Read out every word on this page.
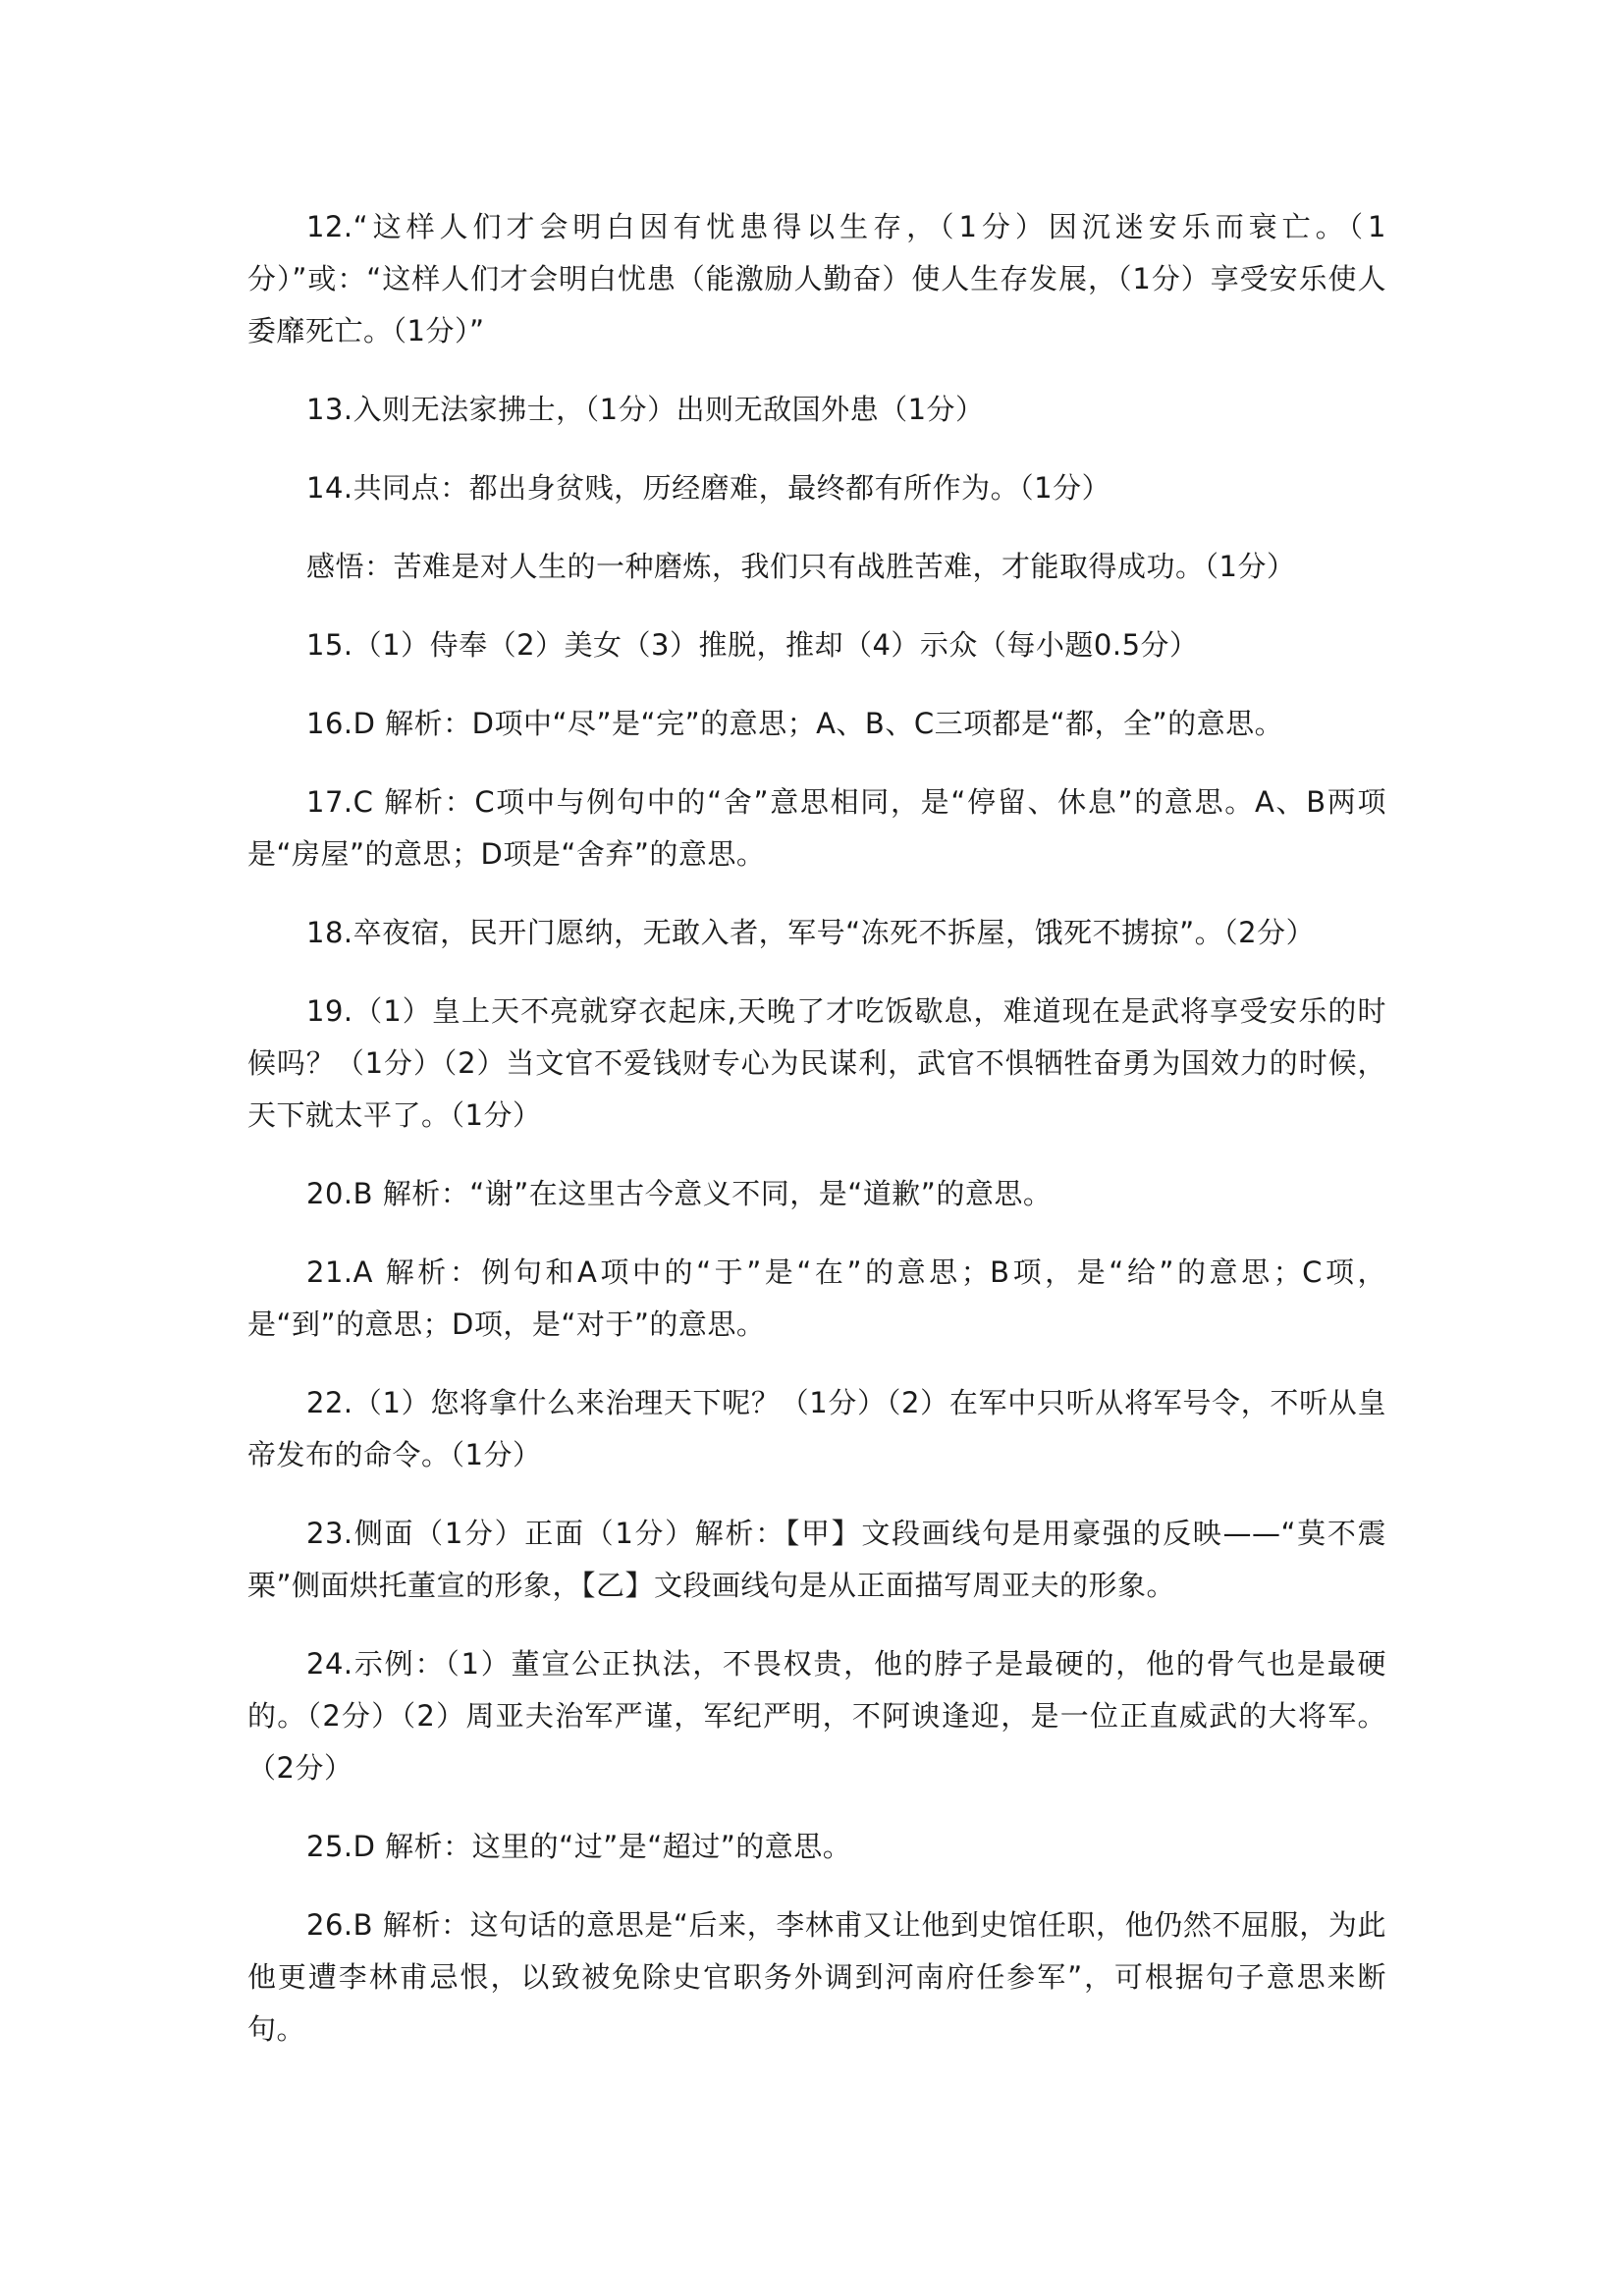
12.“这样人们才会明白因有忧患得以生存，（1分）因沉迷安乐而衰亡。（1分）”或：“这样人们才会明白忧患（能激励人勤奋）使人生存发展，（1分）享受安乐使人委靡死亡。（1分）”

13.入则无法家拂士，（1分）出则无敌国外患（1分）

14.共同点：都出身贫贱，历经磨难，最终都有所作为。（1分）

感悟：苦难是对人生的一种磨炼，我们只有战胜苦难，才能取得成功。（1分）

15.（1）侍奉（2）美女（3）推脱，推却（4）示众（每小题0.5分）

16.D 解析：D项中“尽”是“完”的意思；A、B、C三项都是“都，全”的意思。

17.C 解析：C项中与例句中的“舍”意思相同，是“停留、休息”的意思。A、B两项是“房屋”的意思；D项是“舍弃”的意思。

18.卒夜宿，民开门愿纳，无敢入者，军号“冻死不拆屋，饿死不掳掠”。（2分）

19.（1）皇上天不亮就穿衣起床,天晚了才吃饭歇息，难道现在是武将享受安乐的时候吗？（1分）（2）当文官不爱钱财专心为民谋利，武官不惧牺牲奋勇为国效力的时候，天下就太平了。（1分）

20.B 解析：“谢”在这里古今意义不同，是“道歉”的意思。

21.A 解析：例句和A项中的“于”是“在”的意思；B项，是“给”的意思；C项，是“到”的意思；D项，是“对于”的意思。

22.（1）您将拿什么来治理天下呢？（1分）（2）在军中只听从将军号令，不听从皇帝发布的命令。（1分）

23.侧面（1分）正面（1分）解析：【甲】文段画线句是用豪强的反映——“莫不震栗”侧面烘托董宣的形象，【乙】文段画线句是从正面描写周亚夫的形象。

24.示例：（1）董宣公正执法，不畏权贵，他的脖子是最硬的，他的骨气也是最硬的。（2分）（2）周亚夫治军严谨，军纪严明，不阿谀逢迎，是一位正直威武的大将军。（2分）

25.D 解析：这里的“过”是“超过”的意思。

26.B 解析：这句话的意思是“后来，李林甫又让他到史馆任职，他仍然不屈服，为此他更遭李林甫忌恨，以致被免除史官职务外调到河南府任参军”，可根据句子意思来断句。
